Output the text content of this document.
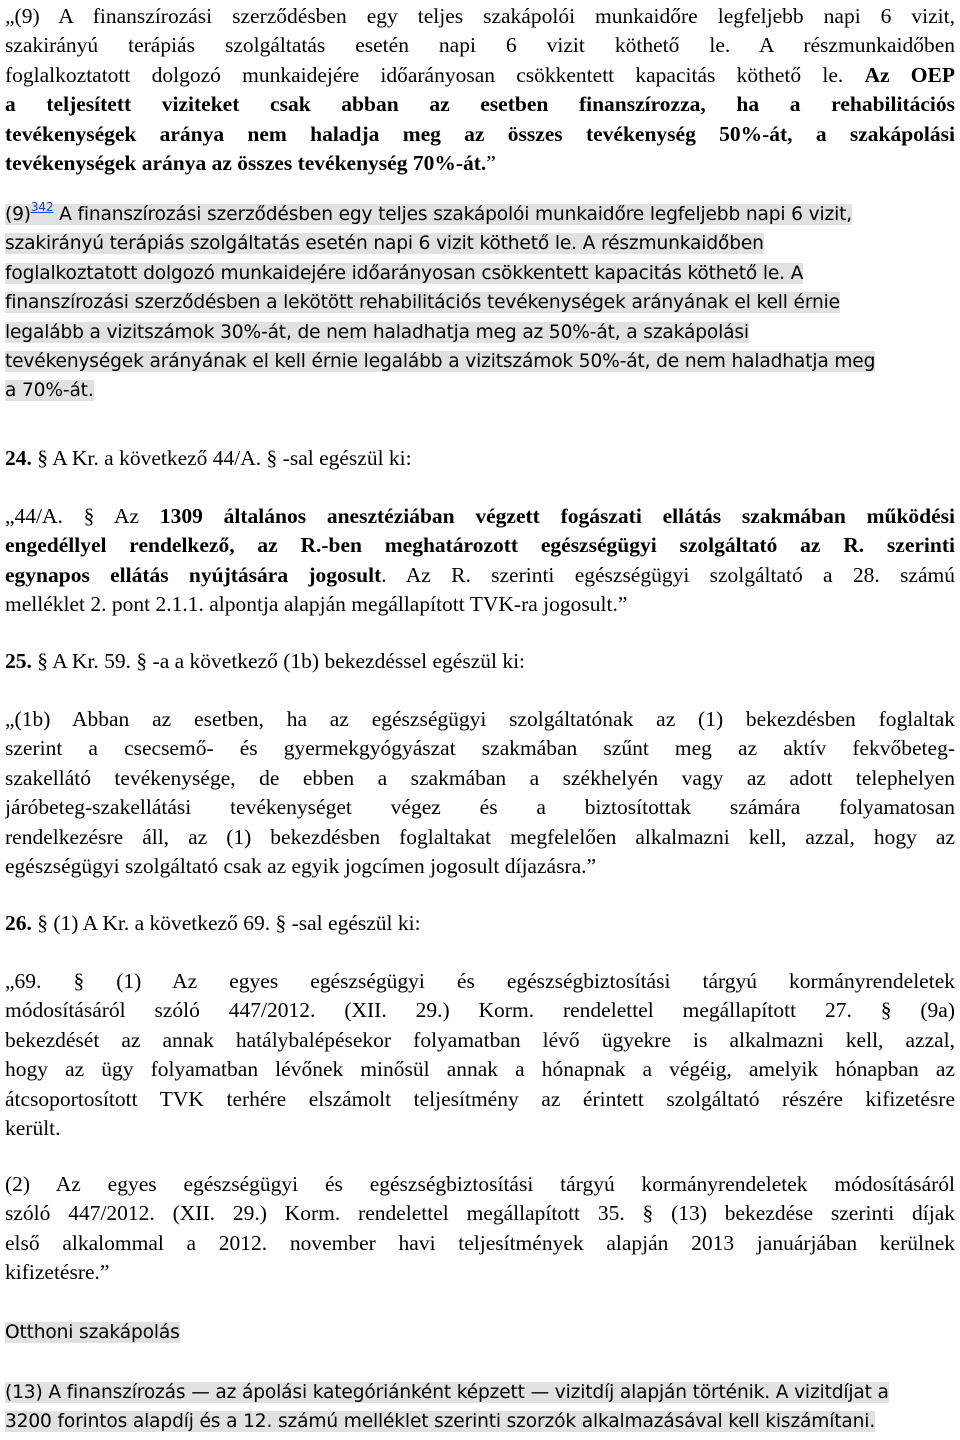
„(9) A finanszírozási szerződésben egy teljes szakápolói munkaidőre legfeljebb napi 6 vizit,
szakirányú terápiás szolgáltatás esetén napi 6 vizit köthető le. A részmunkaidőben
foglalkoztatott dolgozó munkaidejére időarányosan csökkentett kapacitás köthető le. Az OEP
a teljesített viziteket csak abban az esetben finanszírozza, ha a rehabilitációs
tevékenységek aránya nem haladja meg az összes tevékenység 50%-át, a szakápolási
tevékenységek aránya az összes tevékenység 70%-át.”
(9)$^{342}$ A finanszírozási szerződésben egy teljes szakápolói munkaidőre legfeljebb napi 6 vizit,
szakirányú terápiás szolgáltatás esetén napi 6 vizit köthető le. A részmunkaidőben
foglalkoztatott dolgozó munkaidejére időarányosan csökkentett kapacitás köthető le. A
finanszírozási szerződésben a lekötött rehabilitációs tevékenységek arányának el kell érnie
legalább a vizitszámok 30%-át, de nem haladhatja meg az 50%-át, a szakápolási
tevékenységek arányának el kell érnie legalább a vizitszámok 50%-át, de nem haladhatja meg
a 70%-át.
24. § A Kr. a következő 44/A. § -sal egészül ki:
„44/A. § Az 1309 általános anesztéziában végzett fogászati ellátás szakmában működési
engedéllyel rendelkező, az R.-ben meghatározott egészségügyi szolgáltató az R. szerinti
egynapos ellátás nyújtására jogosult. Az R. szerinti egészségügyi szolgáltató a 28. számú
melléklet 2. pont 2.1.1. alpontja alapján megállapított TVK-ra jogosult.”
25. § A Kr. 59. § -a a következő (1b) bekezdéssel egészül ki:
„(1b) Abban az esetben, ha az egészségügyi szolgáltatónak az (1) bekezdésben foglaltak
szerint a csecsemő- és gyermekgyógyászat szakmában szűnt meg az aktív fekvőbeteg-
szakellátó tevékenysége, de ebben a szakmában a székhelyén vagy az adott telephelyen
járóbeteg-szakellátási tevékenységet végez és a biztosítottak számára folyamatosan
rendelkezésre áll, az (1) bekezdésben foglaltakat megfelelően alkalmazni kell, azzal, hogy az
egészségügyi szolgáltató csak az egyik jogcímen jogosult díjazásra.”
26. § (1) A Kr. a következő 69. § -sal egészül ki:
„69. § (1) Az egyes egészségügyi és egészségbiztosítási tárgyú kormányrendeletek
módosításáról szóló 447/2012. (XII. 29.) Korm. rendelettel megállapított 27. § (9a)
bekezdését az annak hatálybalépésekor folyamatban lévő ügyekre is alkalmazni kell, azzal,
hogy az ügy folyamatban lévőnek minősül annak a hónapnak a végéig, amelyik hónapban az
átcsoportosított TVK terhére elszámolt teljesítmény az érintett szolgáltató részére kifizetésre
került.
(2) Az egyes egészségügyi és egészségbiztosítási tárgyú kormányrendeletek módosításáról
szóló 447/2012. (XII. 29.) Korm. rendelettel megállapított 35. § (13) bekezdése szerinti díjak
első alkalommal a 2012. november havi teljesítmények alapján 2013 januárjában kerülnek
kifizetésre.”
Otthoni szakápolás
(13) A finanszírozás — az ápolási kategóriánként képzett — vizitdíj alapján történik. A vizitdíjat a
3200 forintos alapdíj és a 12. számú melléklet szerinti szorzók alkalmazásával kell kiszámítani.
